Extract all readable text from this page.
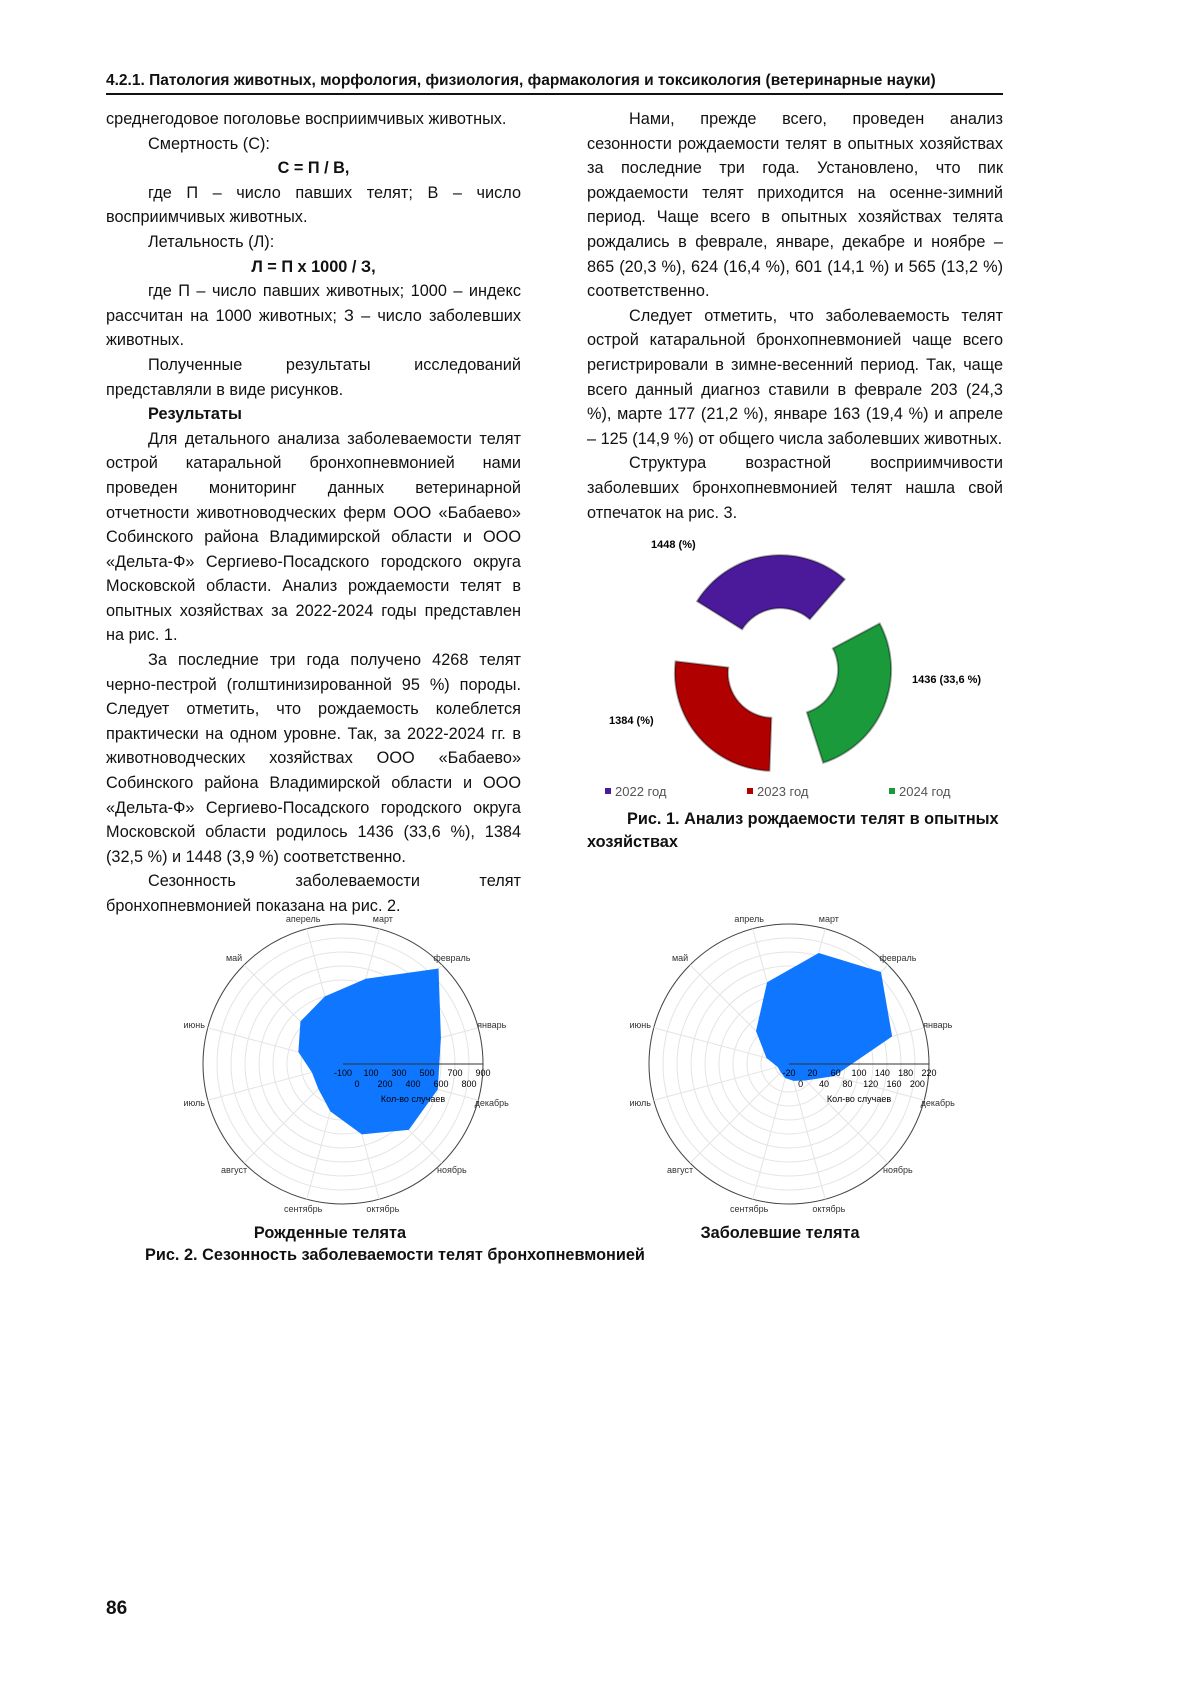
4.2.1. Патология животных, морфология, физиология, фармакология и токсикология (ветеринарные науки)

среднегодовое поголовье восприимчивых животных.

Смертность (С):

С = П / В,

где П – число павших телят; В – число восприимчивых животных.

Летальность (Л):

Л = П х 1000 / З,

где П – число павших животных; 1000 – индекс рассчитан на 1000 животных; З – число заболевших животных.

Полученные результаты исследований представляли в виде рисунков.

Результаты

Для детального анализа заболеваемости телят острой катаральной бронхопневмонией нами проведен мониторинг данных ветеринарной отчетности животноводческих ферм ООО «Бабаево» Собинского района Владимирской области и ООО «Дельта-Ф» Сергиево-Посадского городского округа Московской области. Анализ рождаемости телят в опытных хозяйствах за 2022-2024 годы представлен на рис. 1.

За последние три года получено 4268 телят черно-пестрой (голштинизированной 95 %) породы. Следует отметить, что рождаемость колеблется практически на одном уровне. Так, за 2022-2024 гг. в животноводческих хозяйствах ООО «Бабаево» Собинского района Владимирской области и ООО «Дельта-Ф» Сергиево-Посадского городского округа Московской области родилось 1436 (33,6 %), 1384 (32,5 %) и 1448 (3,9 %) соответственно.

Сезонность заболеваемости телят бронхопневмонией показана на рис. 2.

Нами, прежде всего, проведен анализ сезонности рождаемости телят в опытных хозяйствах за последние три года. Установлено, что пик рождаемости телят приходится на осенне-зимний период. Чаще всего в опытных хозяйствах телята рождались в феврале, январе, декабре и ноябре – 865 (20,3 %), 624 (16,4 %), 601 (14,1 %) и 565 (13,2 %) соответственно.

Следует отметить, что заболеваемость телят острой катаральной бронхопневмонией чаще всего регистрировали в зимне-весенний период. Так, чаще всего данный диагноз ставили в феврале 203 (24,3 %), марте 177 (21,2 %), январе 163 (19,4 %) и апреле – 125 (14,9 %) от общего числа заболевших животных.

Структура возрастной восприимчивости заболевших бронхопневмонией телят нашла свой отпечаток на рис. 3.

1436 (33,6 %)
2022 год
1384 (%)
2023 год
1448 (%)
2024 год
Рис. 1. Анализ рождаемости телят в опытных хозяйствах
январь
февраль
март
аперель
май
июнь
июль
август
сентябрь	октябрь
ноябрь
декабрь
-100 100 300 500 700 900
0 200 400 600 800
Кол-во случаев
январь
февраль
март
апрель
май
июнь
июль
август
сентябрь	октябрь
ноябрь
декабрь
-20 20 60 100 140 180 220
0 40 80 120 160 200
Кол-во случаев
Рожденные телята	Заболевшие телята
Рис. 2. Сезонность заболеваемости телят бронхопневмонией
86
